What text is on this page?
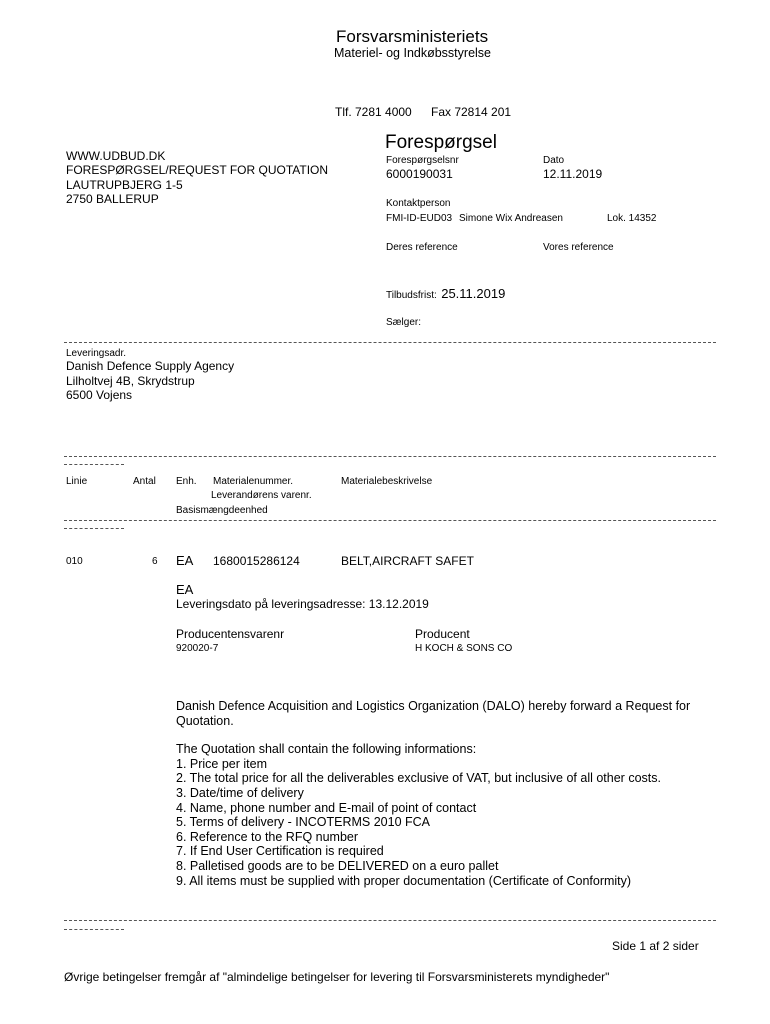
Forsvarsministeriets
Materiel- og Indkøbsstyrelse
Tlf. 7281 4000 Fax 72814 201
WWW.UDBUD.DK
FORESPØRGSEL/REQUEST FOR QUOTATION
LAUTRUPBJERG 1-5
2750 BALLERUP
Forespørgsel
Forespørgselsnr
6000190031
Dato
12.11.2019
Kontaktperson
FMI-ID-EUD03 Simone Wix Andreasen	Lok. 14352
Deres reference	Vores reference
Tilbudsfrist: 25.11.2019
Sælger:
Leveringsadr.
Danish Defence Supply Agency
Lilholtvej 4B, Skrydstrup
6500 Vojens
Linie	Antal Enh. Materialenummer.	Materialebeskrivelse
Leverandørens varenr.
Basismængdeenhed
010	6 EA 1680015286124	BELT,AIRCRAFT SAFET
EA
Leveringsdato på leveringsadresse: 13.12.2019
Producentensvarenr
920020-7
Producent
H KOCH & SONS CO

Danish Defence Acquisition and Logistics Organization (DALO) hereby forward a Request for

Quotation.

The Quotation shall contain the following informations:

1. Price per item
2. The total price for all the deliverables exclusive of VAT, but inclusive of all other costs.
3. Date/time of delivery
4. Name, phone number and E-mail of point of contact
5. Terms of delivery - INCOTERMS 2010 FCA
6. Reference to the RFQ number
7. If End User Certification is required
8. Palletised goods are to be DELIVERED on a euro pallet
9. All items must be supplied with proper documentation (Certificate of Conformity)
Side 1 af 2 sider
Øvrige betingelser fremgår af "almindelige betingelser for levering til Forsvarsministerets myndigheder"
